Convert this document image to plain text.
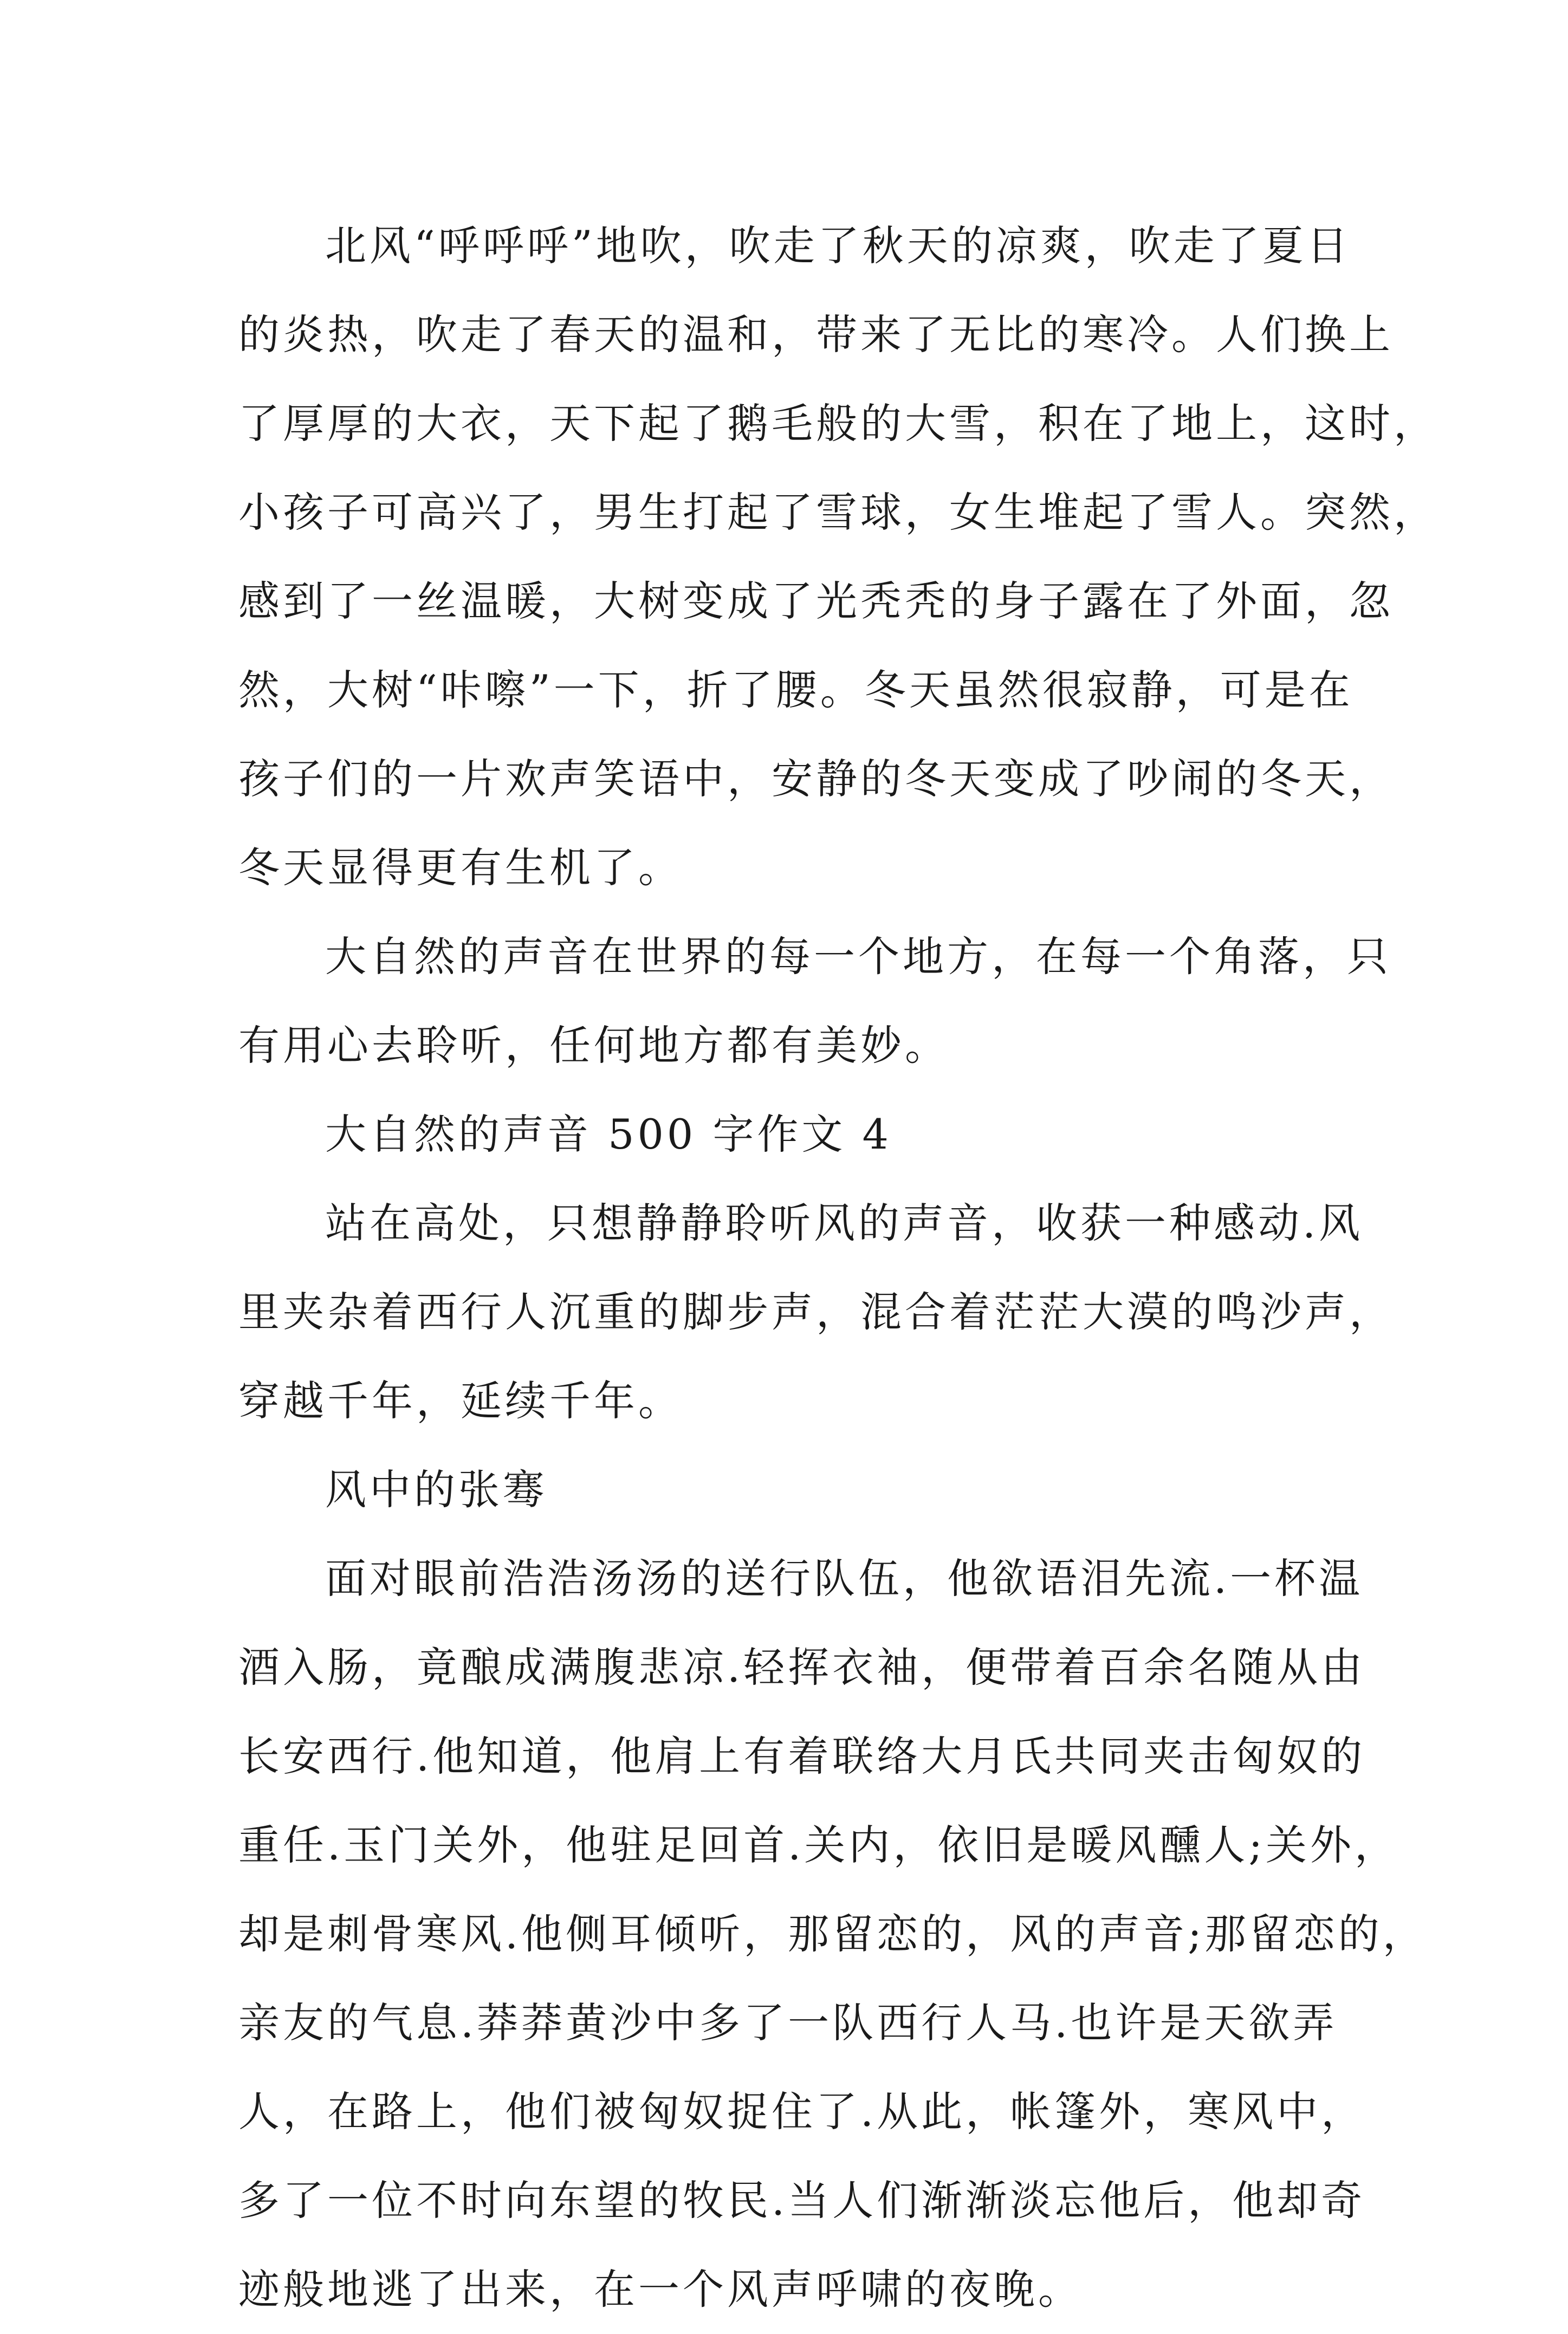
北风“呼呼呼”地吹，吹走了秋天的凉爽，吹走了夏日
的炎热，吹走了春天的温和，带来了无比的寒冷。人们换上
了厚厚的大衣，天下起了鹅毛般的大雪，积在了地上，这时，
小孩子可高兴了，男生打起了雪球，女生堆起了雪人。突然，
感到了一丝温暖，大树变成了光秃秃的身子露在了外面，忽
然，大树“咔嚓”一下，折了腰。冬天虽然很寂静，可是在
孩子们的一片欢声笑语中，安静的冬天变成了吵闹的冬天，
冬天显得更有生机了。
大自然的声音在世界的每一个地方，在每一个角落，只
有用心去聆听，任何地方都有美妙。
大自然的声音 500 字作文 4
站在高处，只想静静聆听风的声音，收获一种感动.风
里夹杂着西行人沉重的脚步声，混合着茫茫大漠的鸣沙声，
穿越千年，延续千年。
风中的张骞
面对眼前浩浩汤汤的送行队伍，他欲语泪先流.一杯温
酒入肠，竟酿成满腹悲凉.轻挥衣袖，便带着百余名随从由
长安西行.他知道，他肩上有着联络大月氏共同夹击匈奴的
重任.玉门关外，他驻足回首.关内，依旧是暖风醺人;关外，
却是刺骨寒风.他侧耳倾听，那留恋的，风的声音;那留恋的，
亲友的气息.莽莽黄沙中多了一队西行人马.也许是天欲弄
人，在路上，他们被匈奴捉住了.从此，帐篷外，寒风中，
多了一位不时向东望的牧民.当人们渐渐淡忘他后，他却奇
迹般地逃了出来，在一个风声呼啸的夜晚。
